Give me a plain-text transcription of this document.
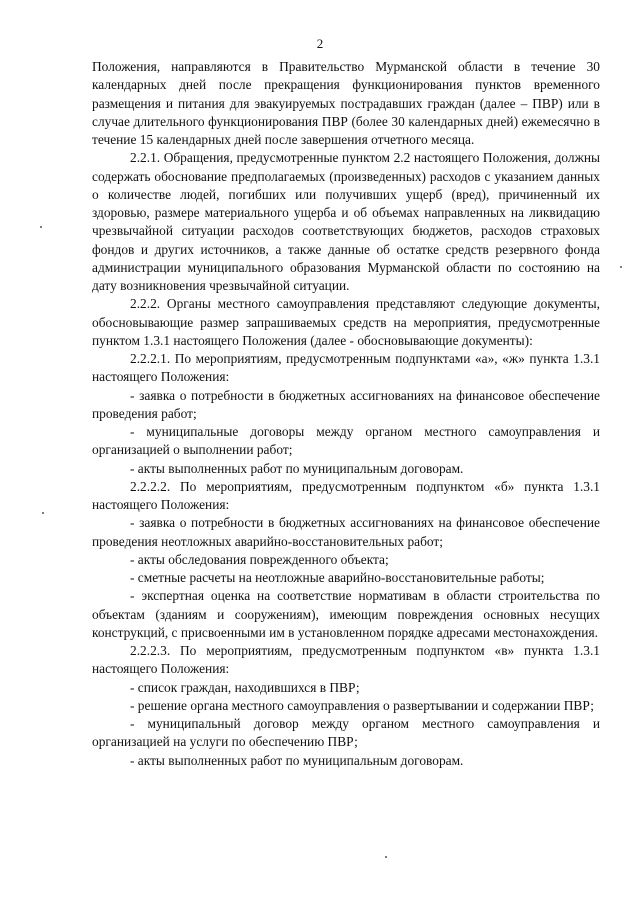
2

Положения, направляются в Правительство Мурманской области в течение 30 календарных дней после прекращения функционирования пунктов временного размещения и питания для эвакуируемых пострадавших граждан (далее – ПВР) или в случае длительного функционирования ПВР (более 30 календарных дней) ежемесячно в течение 15 календарных дней после завершения отчетного месяца.

2.2.1. Обращения, предусмотренные пунктом 2.2 настоящего Положения, должны содержать обоснование предполагаемых (произведенных) расходов с указанием данных о количестве людей, погибших или получивших ущерб (вред), причиненный их здоровью, размере материального ущерба и об объемах направленных на ликвидацию чрезвычайной ситуации расходов соответствующих бюджетов, расходов страховых фондов и других источников, а также данные об остатке средств резервного фонда администрации муниципального образования Мурманской области по состоянию на дату возникновения чрезвычайной ситуации.

2.2.2. Органы местного самоуправления представляют следующие документы, обосновывающие размер запрашиваемых средств на мероприятия, предусмотренные пунктом 1.3.1 настоящего Положения (далее - обосновывающие документы):

2.2.2.1. По мероприятиям, предусмотренным подпунктами «а», «ж» пункта 1.3.1 настоящего Положения:

- заявка о потребности в бюджетных ассигнованиях на финансовое обеспечение проведения работ;

- муниципальные договоры между органом местного самоуправления и организацией о выполнении работ;

- акты выполненных работ по муниципальным договорам.

2.2.2.2. По мероприятиям, предусмотренным подпунктом «б» пункта 1.3.1 настоящего Положения:

- заявка о потребности в бюджетных ассигнованиях на финансовое обеспечение проведения неотложных аварийно-восстановительных работ;

- акты обследования поврежденного объекта;

- сметные расчеты на неотложные аварийно-восстановительные работы;

- экспертная оценка на соответствие нормативам в области строительства по объектам (зданиям и сооружениям), имеющим повреждения основных несущих конструкций, с присвоенными им в установленном порядке адресами местонахождения.

2.2.2.3. По мероприятиям, предусмотренным подпунктом «в» пункта 1.3.1 настоящего Положения:

- список граждан, находившихся в ПВР;

- решение органа местного самоуправления о развертывании и содержании ПВР;

- муниципальный договор между органом местного самоуправления и организацией на услуги по обеспечению ПВР;

- акты выполненных работ по муниципальным договорам.
